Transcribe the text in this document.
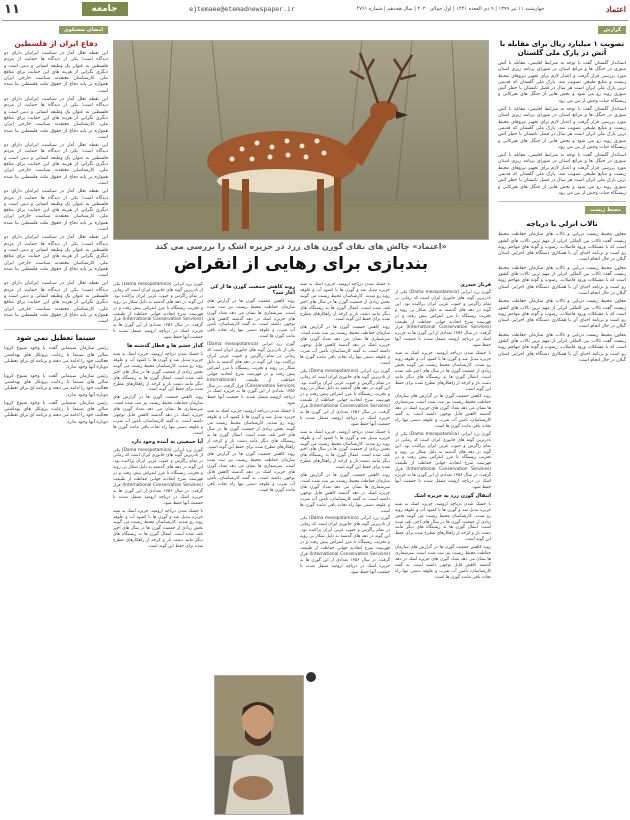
اعتماد
چهارشنبه ۱۱ تیر ۱۳۹۹ | ۹ ذی القعده ۱۴۴۱ | اول جولای ۲۰۲۰ | سال هجدهم | شماره ۴۷۶۱
ejtemaee@etemadnewspaper.ir
جامعه
۱۱
گزارش
تصویب ۱ میلیارد ریال برای مقابله با آتش در پارک ملی گلستان

استاندار گلستان گفت با توجه به شرایط اقلیمی، مقابله با آتش سوزی در جنگل ها و مراتع استان در شورای برنامه ریزی استان مورد بررسی قرار گرفت و اعتبار لازم برای تجهیز نیروهای محیط زیست و منابع طبیعی تصویب شد. پارک ملی گلستان که قدیمی ترین پارک ملی ایران است هر سال در فصل تابستان با خطر آتش سوزی روبه رو می شود و بخش هایی از جنگل های هیرکانی و زیستگاه حیات وحش از بین می رود.

استاندار گلستان گفت با توجه به شرایط اقلیمی، مقابله با آتش سوزی در جنگل ها و مراتع استان در شورای برنامه ریزی استان مورد بررسی قرار گرفت و اعتبار لازم برای تجهیز نیروهای محیط زیست و منابع طبیعی تصویب شد. پارک ملی گلستان که قدیمی ترین پارک ملی ایران است هر سال در فصل تابستان با خطر آتش سوزی روبه رو می شود و بخش هایی از جنگل های هیرکانی و زیستگاه حیات وحش از بین می رود.

استاندار گلستان گفت با توجه به شرایط اقلیمی، مقابله با آتش سوزی در جنگل ها و مراتع استان در شورای برنامه ریزی استان مورد بررسی قرار گرفت و اعتبار لازم برای تجهیز نیروهای محیط زیست و منابع طبیعی تصویب شد. پارک ملی گلستان که قدیمی ترین پارک ملی ایران است هر سال در فصل تابستان با خطر آتش سوزی روبه رو می شود و بخش هایی از جنگل های هیرکانی و زیستگاه حیات وحش از بین می رود.

محیط زیست
تالاب انزلی با دریاچه

معاون محیط زیست دریایی و تالاب های سازمان حفاظت محیط زیست گفت تالاب بین المللی انزلی از مهم ترین تالاب های کشور است که با مشکلات ورود فاضلاب، رسوب و گونه های مهاجم روبه رو است و برنامه احیای آن با همکاری دستگاه های اجرایی استان گیلان در حال انجام است.

معاون محیط زیست دریایی و تالاب های سازمان حفاظت محیط زیست گفت تالاب بین المللی انزلی از مهم ترین تالاب های کشور است که با مشکلات ورود فاضلاب، رسوب و گونه های مهاجم روبه رو است و برنامه احیای آن با همکاری دستگاه های اجرایی استان گیلان در حال انجام است.

معاون محیط زیست دریایی و تالاب های سازمان حفاظت محیط زیست گفت تالاب بین المللی انزلی از مهم ترین تالاب های کشور است که با مشکلات ورود فاضلاب، رسوب و گونه های مهاجم روبه رو است و برنامه احیای آن با همکاری دستگاه های اجرایی استان گیلان در حال انجام است.

معاون محیط زیست دریایی و تالاب های سازمان حفاظت محیط زیست گفت تالاب بین المللی انزلی از مهم ترین تالاب های کشور است که با مشکلات ورود فاضلاب، رسوب و گونه های مهاجم روبه رو است و برنامه احیای آن با همکاری دستگاه های اجرایی استان گیلان در حال انجام است.

«اعتماد» چالش های بقای گوزن های زرد در جزیره اشک را بررسی می کند
بندبازی برای رهایی از انقراض
فرناز حیدری

گوزن زرد ایرانی (Dama mesopotamica) یکی از نادرترین گونه های جانوری ایران است که زمانی در تمام زاگرس و جنوب غربی ایران پراکنده بود. این گونه در دهه های گذشته به دلیل شکار بی رویه و تخریب زیستگاه تا مرز انقراض پیش رفت و در فهرست سرخ اتحادیه جهانی حفاظت از طبیعت (International Conservation Services) قرار گرفت. در سال ۱۳۵۶ تعدادی از این گوزن ها به جزیره اشک در دریاچه ارومیه منتقل شدند تا جمعیت آنها حفظ شود.

با خشک شدن دریاچه ارومیه، جزیره اشک به شبه جزیره تبدیل شد و گوزن ها با کمبود آب و علوفه روبه رو شدند. کارشناسان محیط زیست می گویند بخش زیادی از جمعیت گوزن ها در سال های اخیر تلف شده است. انتقال گوزن ها به زیستگاه های دیگر مانند دشت ناز و کرخه از راهکارهای مطرح شده برای حفظ این گونه است.

روند کاهش جمعیت گوزن ها در گزارش های سازمان حفاظت محیط زیست نیز ثبت شده است. سرشماری ها نشان می دهد تعداد گوزن های جزیره اشک در دهه گذشته کاهش قابل توجهی داشته است. به گفته کارشناسان، تأمین آب شرب و علوفه دستی تنها راه نجات باقی مانده گوزن ها است.

گوزن زرد ایرانی (Dama mesopotamica) یکی از نادرترین گونه های جانوری ایران است که زمانی در تمام زاگرس و جنوب غربی ایران پراکنده بود. این گونه در دهه های گذشته به دلیل شکار بی رویه و تخریب زیستگاه تا مرز انقراض پیش رفت و در فهرست سرخ اتحادیه جهانی حفاظت از طبیعت (International Conservation Services) قرار گرفت. در سال ۱۳۵۶ تعدادی از این گوزن ها به جزیره اشک در دریاچه ارومیه منتقل شدند تا جمعیت آنها حفظ شود.

انتقال گوزن زرد به جزیره اشک

با خشک شدن دریاچه ارومیه، جزیره اشک به شبه جزیره تبدیل شد و گوزن ها با کمبود آب و علوفه روبه رو شدند. کارشناسان محیط زیست می گویند بخش زیادی از جمعیت گوزن ها در سال های اخیر تلف شده است. انتقال گوزن ها به زیستگاه های دیگر مانند دشت ناز و کرخه از راهکارهای مطرح شده برای حفظ این گونه است.

روند کاهش جمعیت گوزن ها در گزارش های سازمان حفاظت محیط زیست نیز ثبت شده است. سرشماری ها نشان می دهد تعداد گوزن های جزیره اشک در دهه گذشته کاهش قابل توجهی داشته است. به گفته کارشناسان، تأمین آب شرب و علوفه دستی تنها راه نجات باقی مانده گوزن ها است.

با خشک شدن دریاچه ارومیه، جزیره اشک به شبه جزیره تبدیل شد و گوزن ها با کمبود آب و علوفه روبه رو شدند. کارشناسان محیط زیست می گویند بخش زیادی از جمعیت گوزن ها در سال های اخیر تلف شده است. انتقال گوزن ها به زیستگاه های دیگر مانند دشت ناز و کرخه از راهکارهای مطرح شده برای حفظ این گونه است.

روند کاهش جمعیت گوزن ها در گزارش های سازمان حفاظت محیط زیست نیز ثبت شده است. سرشماری ها نشان می دهد تعداد گوزن های جزیره اشک در دهه گذشته کاهش قابل توجهی داشته است. به گفته کارشناسان، تأمین آب شرب و علوفه دستی تنها راه نجات باقی مانده گوزن ها است.

گوزن زرد ایرانی (Dama mesopotamica) یکی از نادرترین گونه های جانوری ایران است که زمانی در تمام زاگرس و جنوب غربی ایران پراکنده بود. این گونه در دهه های گذشته به دلیل شکار بی رویه و تخریب زیستگاه تا مرز انقراض پیش رفت و در فهرست سرخ اتحادیه جهانی حفاظت از طبیعت (International Conservation Services) قرار گرفت. در سال ۱۳۵۶ تعدادی از این گوزن ها به جزیره اشک در دریاچه ارومیه منتقل شدند تا جمعیت آنها حفظ شود.

با خشک شدن دریاچه ارومیه، جزیره اشک به شبه جزیره تبدیل شد و گوزن ها با کمبود آب و علوفه روبه رو شدند. کارشناسان محیط زیست می گویند بخش زیادی از جمعیت گوزن ها در سال های اخیر تلف شده است. انتقال گوزن ها به زیستگاه های دیگر مانند دشت ناز و کرخه از راهکارهای مطرح شده برای حفظ این گونه است.

روند کاهش جمعیت گوزن ها در گزارش های سازمان حفاظت محیط زیست نیز ثبت شده است. سرشماری ها نشان می دهد تعداد گوزن های جزیره اشک در دهه گذشته کاهش قابل توجهی داشته است. به گفته کارشناسان، تأمین آب شرب و علوفه دستی تنها راه نجات باقی مانده گوزن ها است.

گوزن زرد ایرانی (Dama mesopotamica) یکی از نادرترین گونه های جانوری ایران است که زمانی در تمام زاگرس و جنوب غربی ایران پراکنده بود. این گونه در دهه های گذشته به دلیل شکار بی رویه و تخریب زیستگاه تا مرز انقراض پیش رفت و در فهرست سرخ اتحادیه جهانی حفاظت از طبیعت (International Conservation Services) قرار گرفت. در سال ۱۳۵۶ تعدادی از این گوزن ها به جزیره اشک در دریاچه ارومیه منتقل شدند تا جمعیت آنها حفظ شود.

روند کاهش جمعیت گوزن ها از کی آغاز شد؟

روند کاهش جمعیت گوزن ها در گزارش های سازمان حفاظت محیط زیست نیز ثبت شده است. سرشماری ها نشان می دهد تعداد گوزن های جزیره اشک در دهه گذشته کاهش قابل توجهی داشته است. به گفته کارشناسان، تأمین آب شرب و علوفه دستی تنها راه نجات باقی مانده گوزن ها است.

گوزن زرد ایرانی (Dama mesopotamica) یکی از نادرترین گونه های جانوری ایران است که زمانی در تمام زاگرس و جنوب غربی ایران پراکنده بود. این گونه در دهه های گذشته به دلیل شکار بی رویه و تخریب زیستگاه تا مرز انقراض پیش رفت و در فهرست سرخ اتحادیه جهانی حفاظت از طبیعت (International Conservation Services) قرار گرفت. در سال ۱۳۵۶ تعدادی از این گوزن ها به جزیره اشک در دریاچه ارومیه منتقل شدند تا جمعیت آنها حفظ شود.

با خشک شدن دریاچه ارومیه، جزیره اشک به شبه جزیره تبدیل شد و گوزن ها با کمبود آب و علوفه روبه رو شدند. کارشناسان محیط زیست می گویند بخش زیادی از جمعیت گوزن ها در سال های اخیر تلف شده است. انتقال گوزن ها به زیستگاه های دیگر مانند دشت ناز و کرخه از راهکارهای مطرح شده برای حفظ این گونه است.

روند کاهش جمعیت گوزن ها در گزارش های سازمان حفاظت محیط زیست نیز ثبت شده است. سرشماری ها نشان می دهد تعداد گوزن های جزیره اشک در دهه گذشته کاهش قابل توجهی داشته است. به گفته کارشناسان، تأمین آب شرب و علوفه دستی تنها راه نجات باقی مانده گوزن ها است.

گوزن زرد ایرانی (Dama mesopotamica) یکی از نادرترین گونه های جانوری ایران است که زمانی در تمام زاگرس و جنوب غربی ایران پراکنده بود. این گونه در دهه های گذشته به دلیل شکار بی رویه و تخریب زیستگاه تا مرز انقراض پیش رفت و در فهرست سرخ اتحادیه جهانی حفاظت از طبیعت (International Conservation Services) قرار گرفت. در سال ۱۳۵۶ تعدادی از این گوزن ها به جزیره اشک در دریاچه ارومیه منتقل شدند تا جمعیت آنها حفظ شود.

گذار خشم ها و قطار گذشته ها

با خشک شدن دریاچه ارومیه، جزیره اشک به شبه جزیره تبدیل شد و گوزن ها با کمبود آب و علوفه روبه رو شدند. کارشناسان محیط زیست می گویند بخش زیادی از جمعیت گوزن ها در سال های اخیر تلف شده است. انتقال گوزن ها به زیستگاه های دیگر مانند دشت ناز و کرخه از راهکارهای مطرح شده برای حفظ این گونه است.

روند کاهش جمعیت گوزن ها در گزارش های سازمان حفاظت محیط زیست نیز ثبت شده است. سرشماری ها نشان می دهد تعداد گوزن های جزیره اشک در دهه گذشته کاهش قابل توجهی داشته است. به گفته کارشناسان، تأمین آب شرب و علوفه دستی تنها راه نجات باقی مانده گوزن ها است.

آیا جمعیتی به آینده وجود دارد

گوزن زرد ایرانی (Dama mesopotamica) یکی از نادرترین گونه های جانوری ایران است که زمانی در تمام زاگرس و جنوب غربی ایران پراکنده بود. این گونه در دهه های گذشته به دلیل شکار بی رویه و تخریب زیستگاه تا مرز انقراض پیش رفت و در فهرست سرخ اتحادیه جهانی حفاظت از طبیعت (International Conservation Services) قرار گرفت. در سال ۱۳۵۶ تعدادی از این گوزن ها به جزیره اشک در دریاچه ارومیه منتقل شدند تا جمعیت آنها حفظ شود.

با خشک شدن دریاچه ارومیه، جزیره اشک به شبه جزیره تبدیل شد و گوزن ها با کمبود آب و علوفه روبه رو شدند. کارشناسان محیط زیست می گویند بخش زیادی از جمعیت گوزن ها در سال های اخیر تلف شده است. انتقال گوزن ها به زیستگاه های دیگر مانند دشت ناز و کرخه از راهکارهای مطرح شده برای حفظ این گونه است.

امضای سخنکوی
دفاع ایران از فلسطین

این نقطه تعلل آمار در سیاست ایرانیان دارای دو دیدگاه است؛ یکی از دیدگاه ها حمایت از مردم فلسطین به عنوان یک وظیفه انسانی و دینی است و دیگری نگرانی از هزینه های این حمایت برای منافع ملی. کارشناسان معتقدند سیاست خارجی ایران همواره بر پایه دفاع از حقوق ملت فلسطین بنا شده است.

این نقطه تعلل آمار در سیاست ایرانیان دارای دو دیدگاه است؛ یکی از دیدگاه ها حمایت از مردم فلسطین به عنوان یک وظیفه انسانی و دینی است و دیگری نگرانی از هزینه های این حمایت برای منافع ملی. کارشناسان معتقدند سیاست خارجی ایران همواره بر پایه دفاع از حقوق ملت فلسطین بنا شده است.

این نقطه تعلل آمار در سیاست ایرانیان دارای دو دیدگاه است؛ یکی از دیدگاه ها حمایت از مردم فلسطین به عنوان یک وظیفه انسانی و دینی است و دیگری نگرانی از هزینه های این حمایت برای منافع ملی. کارشناسان معتقدند سیاست خارجی ایران همواره بر پایه دفاع از حقوق ملت فلسطین بنا شده است.

این نقطه تعلل آمار در سیاست ایرانیان دارای دو دیدگاه است؛ یکی از دیدگاه ها حمایت از مردم فلسطین به عنوان یک وظیفه انسانی و دینی است و دیگری نگرانی از هزینه های این حمایت برای منافع ملی. کارشناسان معتقدند سیاست خارجی ایران همواره بر پایه دفاع از حقوق ملت فلسطین بنا شده است.

این نقطه تعلل آمار در سیاست ایرانیان دارای دو دیدگاه است؛ یکی از دیدگاه ها حمایت از مردم فلسطین به عنوان یک وظیفه انسانی و دینی است و دیگری نگرانی از هزینه های این حمایت برای منافع ملی. کارشناسان معتقدند سیاست خارجی ایران همواره بر پایه دفاع از حقوق ملت فلسطین بنا شده است.

این نقطه تعلل آمار در سیاست ایرانیان دارای دو دیدگاه است؛ یکی از دیدگاه ها حمایت از مردم فلسطین به عنوان یک وظیفه انسانی و دینی است و دیگری نگرانی از هزینه های این حمایت برای منافع ملی. کارشناسان معتقدند سیاست خارجی ایران همواره بر پایه دفاع از حقوق ملت فلسطین بنا شده است.

سینما تعطیل نمی شود

رئیس سازمان سینمایی گفت با وجود شیوع کرونا سالن های سینما با رعایت پروتکل های بهداشتی فعالیت خود را ادامه می دهند و برنامه ای برای تعطیلی دوباره آنها وجود ندارد.

رئیس سازمان سینمایی گفت با وجود شیوع کرونا سالن های سینما با رعایت پروتکل های بهداشتی فعالیت خود را ادامه می دهند و برنامه ای برای تعطیلی دوباره آنها وجود ندارد.

رئیس سازمان سینمایی گفت با وجود شیوع کرونا سالن های سینما با رعایت پروتکل های بهداشتی فعالیت خود را ادامه می دهند و برنامه ای برای تعطیلی دوباره آنها وجود ندارد.
